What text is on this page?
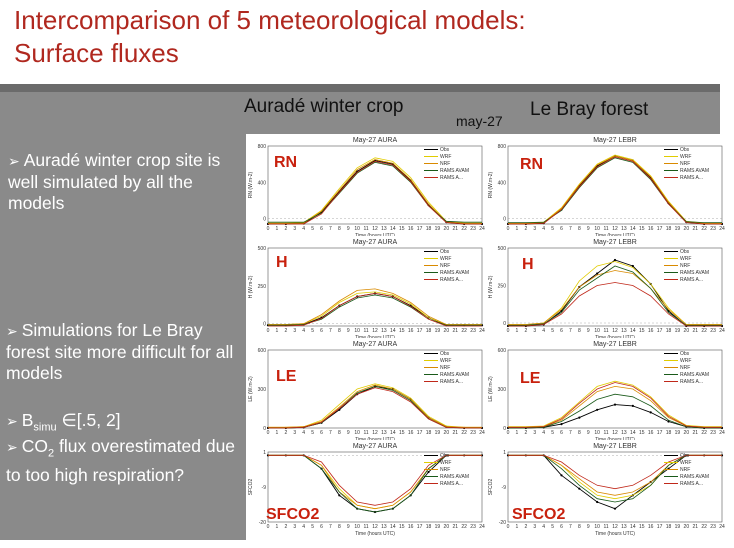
Intercomparison of 5 meteorological models:
Surface fluxes
Auradé winter crop
may-27
Le Bray forest
➢ Auradé winter crop site is well simulated by all the models
➢ Simulations for Le Bray forest site more difficult for all models
➢ $B_{simu}$ ∈[.5, 2]
➢ $CO_2$ flux overestimated due to too high respiration?
May-27 AURA
0 1 2 3 4 5 6 7 8 9 10 11 12 13 14 15 16 17 18 19 20 21 22 23 24
0
400
800
RN (W.m-2)
Obs
WRF
NRF
RAMS AVAM
RAMS A...
RN
May-27 LEBR
0 1 2 3 4 5 6 7 8 9 10 11 12 13 14 15 16 17 18 19 20 21 22 23 24
0
400
800
RN (W.m-2)
Obs
WRF
NRF
RAMS AVAM
RAMS A...
RN
May-27 AURA
0 1 2 3 4 5 6 7 8 9 10 11 12 13 14 15 16 17 18 19 20 21 22 23 24
0
250
500
H (W.m-2)
Obs
WRF
NRF
RAMS AVAM
RAMS A...
H
May-27 LEBR
0 1 2 3 4 5 6 7 8 9 10 11 12 13 14 15 16 17 18 19 20 21 22 23 24
0
250
500
H (W.m-2)
Obs
WRF
NRF
RAMS AVAM
RAMS A...
H
May-27 AURA
0 1 2 3 4 5 6 7 8 9 10 11 12 13 14 15 16 17 18 19 20 21 22 23 24
0
300
600
LE (W.m-2)
Obs
WRF
NRF
RAMS AVAM
RAMS A...
LE
May-27 LEBR
0 1 2 3 4 5 6 7 8 9 10 11 12 13 14 15 16 17 18 19 20 21 22 23 24
0
300
600
LE (W.m-2)
Obs
WRF
NRF
RAMS AVAM
RAMS A...
LE
May-27 AURA
0 1 2 3 4 5 6 7 8 9 10 11 12 13 14 15 16 17 18 19 20 21 22 23 24
Time (hours UTC)
-20
-9
1
SFCO2
Obs
WRF
NRF
RAMS AVAM
RAMS A...
SFCO2
May-27 LEBR
0 1 2 3 4 5 6 7 8 9 10 11 12 13 14 15 16 17 18 19 20 21 22 23 24
Time (hours UTC)
-20
-9
1
SFCO2
Obs
WRF
NRF
RAMS AVAM
RAMS A...
SFCO2
